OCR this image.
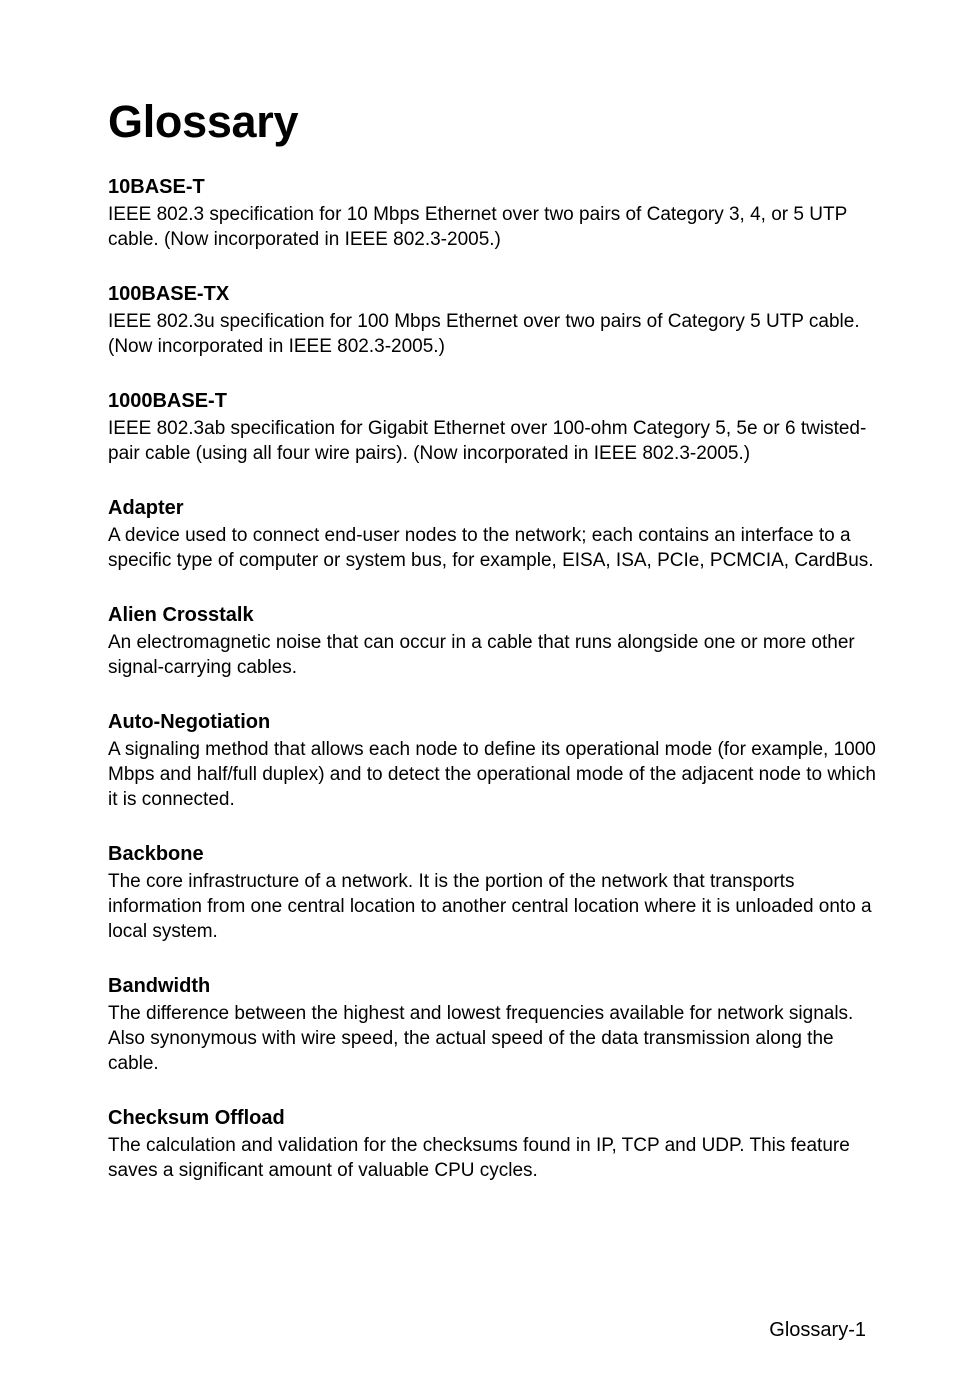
Glossary

10BASE-T

IEEE 802.3 specification for 10 Mbps Ethernet over two pairs of Category 3, 4, or 5 UTP cable. (Now incorporated in IEEE 802.3-2005.)

100BASE-TX

IEEE 802.3u specification for 100 Mbps Ethernet over two pairs of Category 5 UTP cable. (Now incorporated in IEEE 802.3-2005.)

1000BASE-T

IEEE 802.3ab specification for Gigabit Ethernet over 100-ohm Category 5, 5e or 6 twisted-pair cable (using all four wire pairs). (Now incorporated in IEEE 802.3-2005.)

Adapter

A device used to connect end-user nodes to the network; each contains an interface to a specific type of computer or system bus, for example, EISA, ISA, PCIe, PCMCIA, CardBus.

Alien Crosstalk

An electromagnetic noise that can occur in a cable that runs alongside one or more other signal-carrying cables.

Auto-Negotiation

A signaling method that allows each node to define its operational mode (for example, 1000 Mbps and half/full duplex) and to detect the operational mode of the adjacent node to which it is connected.

Backbone

The core infrastructure of a network. It is the portion of the network that transports information from one central location to another central location where it is unloaded onto a local system.

Bandwidth

The difference between the highest and lowest frequencies available for network signals. Also synonymous with wire speed, the actual speed of the data transmission along the cable.

Checksum Offload

The calculation and validation for the checksums found in IP, TCP and UDP. This feature saves a significant amount of valuable CPU cycles.

Glossary-1
